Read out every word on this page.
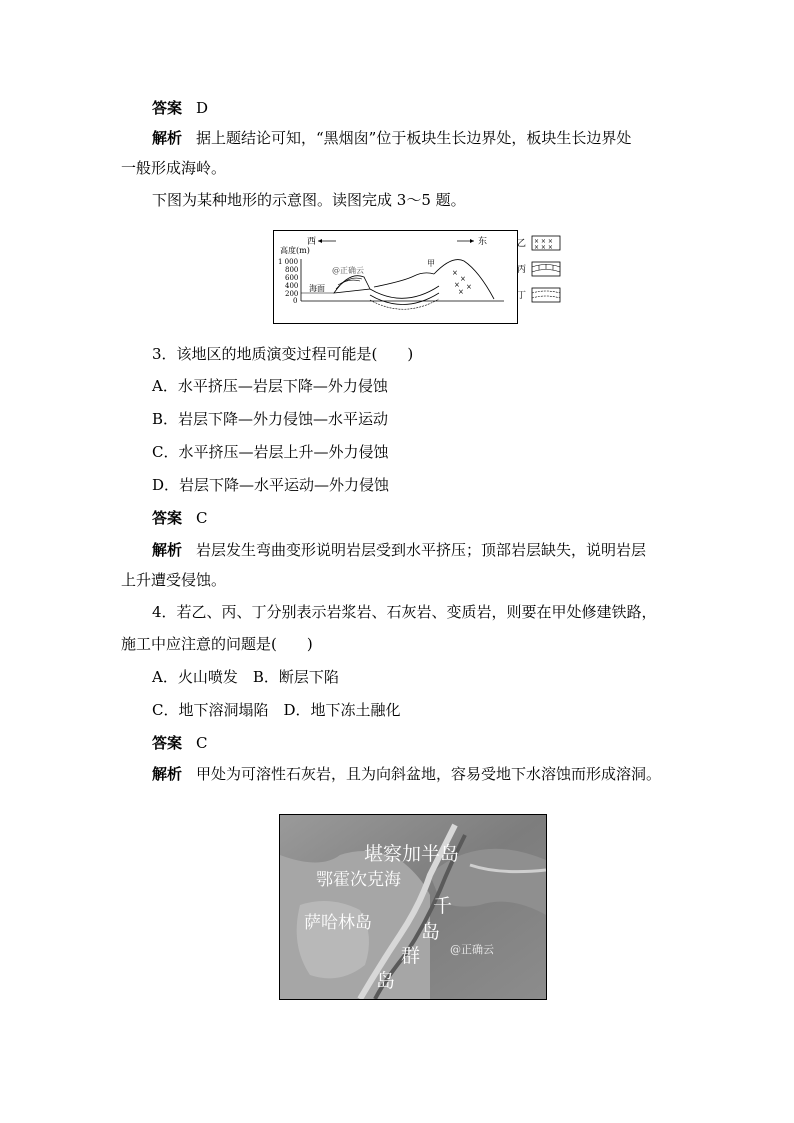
答案 D
解析 据上题结论可知，“黑烟囱”位于板块生长边界处，板块生长边界处
一般形成海岭。
下图为某种地形的示意图。读图完成 3～5 题。
西	东
高度(m)
1 000
800
600
400
200
0
海面
@正确云
甲
×
×
× ×
×
乙 × × ×
× × ×
丙
丁
3．该地区的地质演变过程可能是(　　)
A．水平挤压—岩层下降—外力侵蚀
B．岩层下降—外力侵蚀—水平运动
C．水平挤压—岩层上升—外力侵蚀
D．岩层下降—水平运动—外力侵蚀
答案 C
解析 岩层发生弯曲变形说明岩层受到水平挤压；顶部岩层缺失，说明岩层
上升遭受侵蚀。
4．若乙、丙、丁分别表示岩浆岩、石灰岩、变质岩，则要在甲处修建铁路，
施工中应注意的问题是(　　)
A．火山喷发　B．断层下陷
C．地下溶洞塌陷　D．地下冻土融化
答案 C
解析 甲处为可溶性石灰岩，且为向斜盆地，容易受地下水溶蚀而形成溶洞。
堪察加半岛
鄂霍次克海
萨哈林岛
千
岛
群
岛
@正确云
